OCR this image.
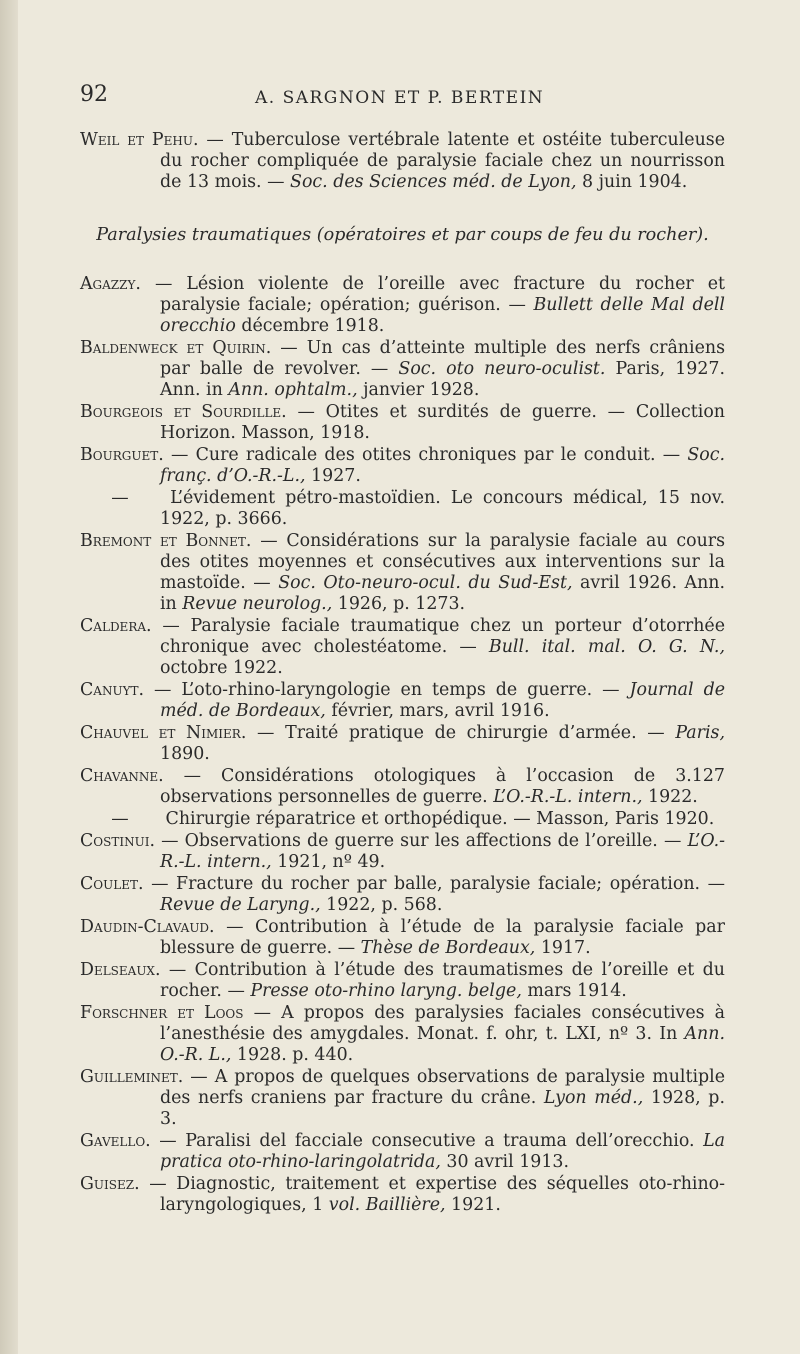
92	A. SARGNON ET P. BERTEIN

Weil et Pehu. — Tuberculose vertébrale latente et ostéite tuberculeuse du rocher compliquée de paralysie faciale chez un nourrisson de 13 mois. — Soc. des Sciences méd. de Lyon, 8 juin 1904.

Paralysies traumatiques (opératoires et par coups de feu du rocher).

Agazzy. — Lésion violente de l’oreille avec fracture du rocher et paralysie faciale; opération; guérison. — Bullett delle Mal dell orecchio décembre 1918.

Baldenweck et Quirin. — Un cas d’atteinte multiple des nerfs crâniens par balle de revolver. — Soc. oto neuro-oculist. Paris, 1927. Ann. in Ann. ophtalm., janvier 1928.

Bourgeois et Sourdille. — Otites et surdités de guerre. — Collection Horizon. Masson, 1918.

Bourguet. — Cure radicale des otites chroniques par le conduit. — Soc. franç. d’O.-R.-L., 1927.

— L’évidement pétro-mastoïdien. Le concours médical, 15 nov. 1922, p. 3666.

Bremont et Bonnet. — Considérations sur la paralysie faciale au cours des otites moyennes et consécutives aux interventions sur la mastoïde. — Soc. Oto-neuro-ocul. du Sud-Est, avril 1926. Ann. in Revue neurolog., 1926, p. 1273.

Caldera. — Paralysie faciale traumatique chez un porteur d’otorrhée chronique avec cholestéatome. — Bull. ital. mal. O. G. N., octobre 1922.

Canuyt. — L’oto-rhino-laryngologie en temps de guerre. — Journal de méd. de Bordeaux, février, mars, avril 1916.

Chauvel et Nimier. — Traité pratique de chirurgie d’armée. — Paris, 1890.

Chavanne. — Considérations otologiques à l’occasion de 3.127 observations personnelles de guerre. L’O.-R.-L. intern., 1922.

— Chirurgie réparatrice et orthopédique. — Masson, Paris 1920.

Costinui. — Observations de guerre sur les affections de l’oreille. — L’O.-R.-L. intern., 1921, nº 49.

Coulet. — Fracture du rocher par balle, paralysie faciale; opération. — Revue de Laryng., 1922, p. 568.

Daudin-Clavaud. — Contribution à l’étude de la paralysie faciale par blessure de guerre. — Thèse de Bordeaux, 1917.

Delseaux. — Contribution à l’étude des traumatismes de l’oreille et du rocher. — Presse oto-rhino laryng. belge, mars 1914.

Forschner et Loos — A propos des paralysies faciales consécutives à l’anesthésie des amygdales. Monat. f. ohr, t. LXI, nº 3. In Ann. O.-R. L., 1928. p. 440.

Guilleminet. — A propos de quelques observations de paralysie multiple des nerfs craniens par fracture du crâne. Lyon méd., 1928, p. 3.

Gavello. — Paralisi del facciale consecutive a trauma dell’orecchio. La pratica oto-rhino-laringolatrida, 30 avril 1913.

Guisez. — Diagnostic, traitement et expertise des séquelles oto-rhino-laryngologiques, 1 vol. Baillière, 1921.
